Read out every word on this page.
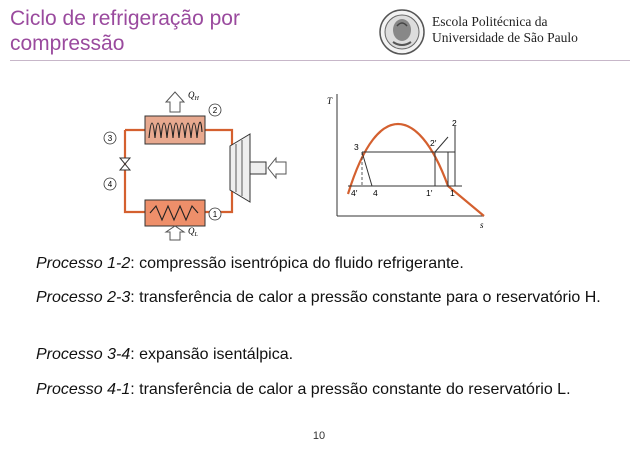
Ciclo de refrigeração por compressão
Escola Politécnica da
Universidade de São Paulo
2
3
4
1
$Q_H$
$Q_L$
T
s
3
2
2′
4′ 4	1′ 1
Processo 1-2: compressão isentrópica do fluido refrigerante.
Processo 2-3: transferência de calor a pressão constante para o reservatório H.
Processo 3-4: expansão isentálpica.
Processo 4-1: transferência de calor a pressão constante do reservatório L.
10
